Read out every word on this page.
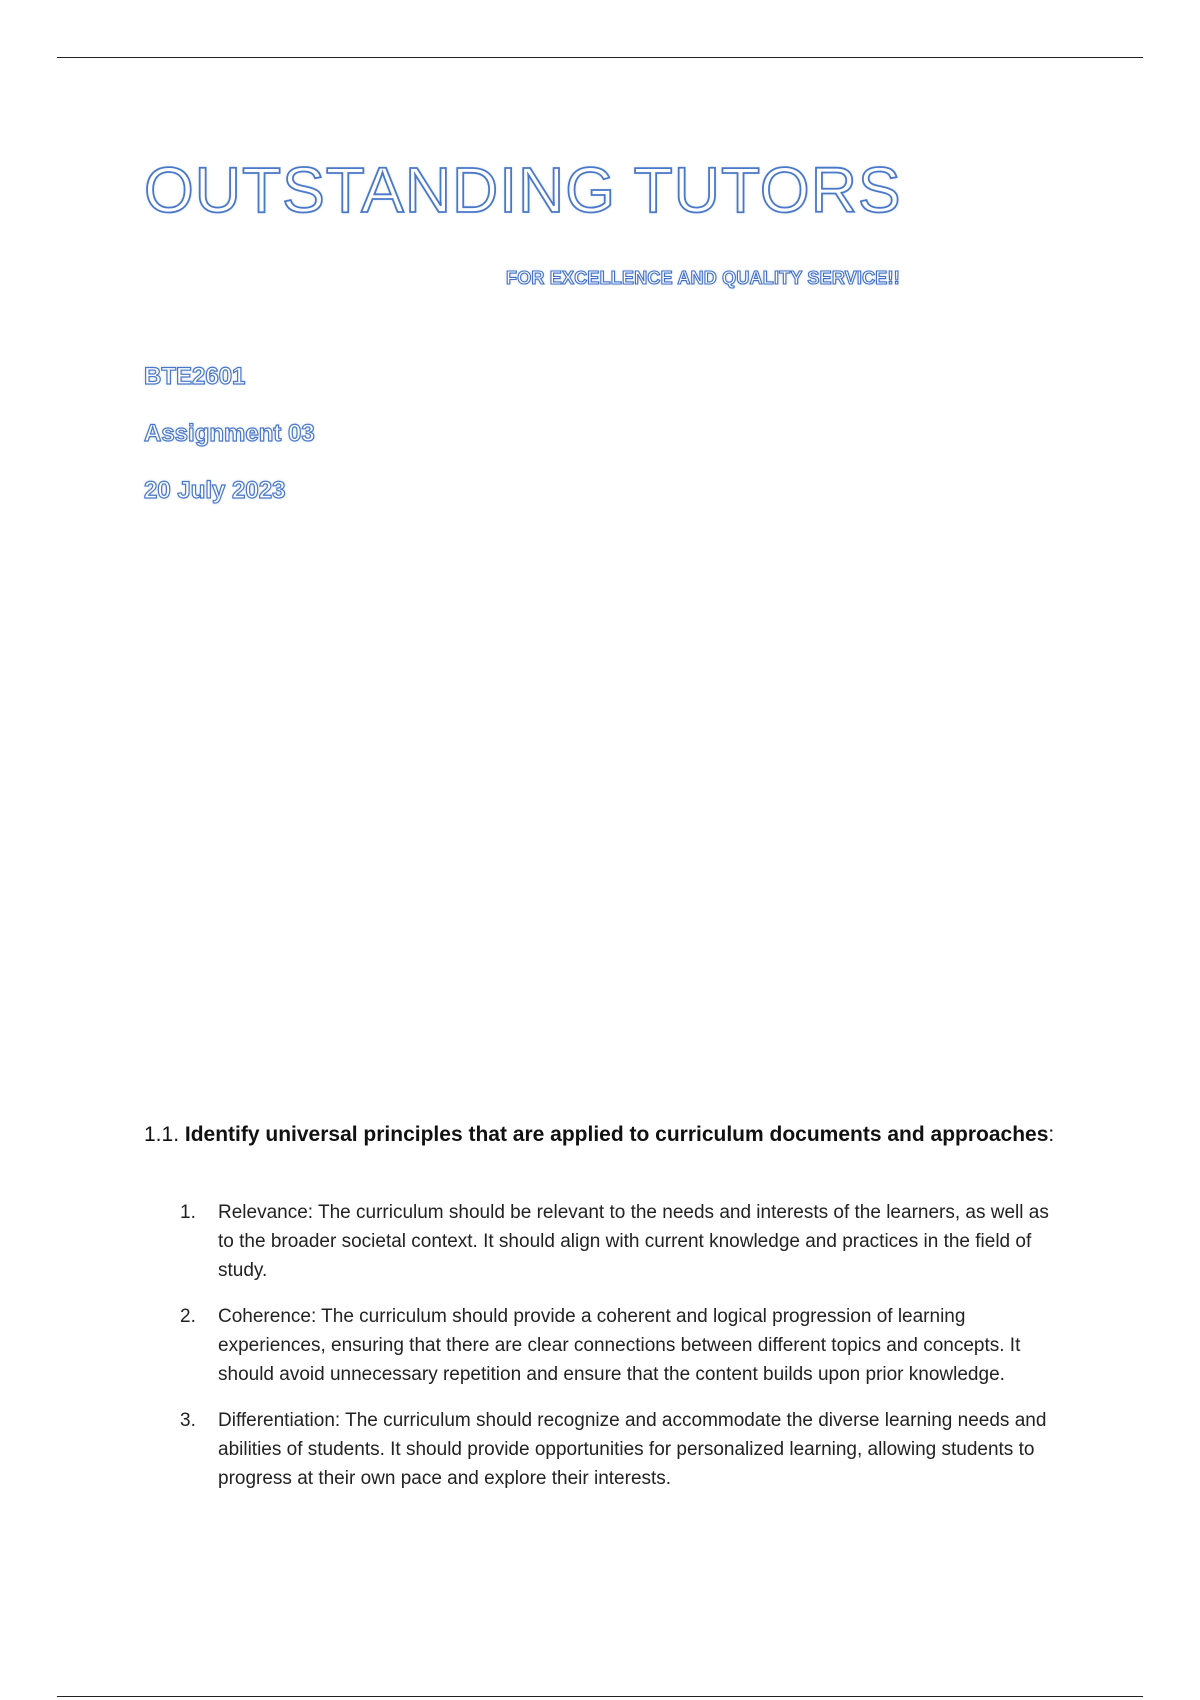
OUTSTANDING TUTORS
FOR EXCELLENCE AND QUALITY SERVICE!!
BTE2601
Assignment 03
20 July 2023
1.1. Identify universal principles that are applied to curriculum documents and approaches:
1. Relevance: The curriculum should be relevant to the needs and interests of the learners, as well as to the broader societal context. It should align with current knowledge and practices in the field of study.
2. Coherence: The curriculum should provide a coherent and logical progression of learning experiences, ensuring that there are clear connections between different topics and concepts. It should avoid unnecessary repetition and ensure that the content builds upon prior knowledge.
3. Differentiation: The curriculum should recognize and accommodate the diverse learning needs and abilities of students. It should provide opportunities for personalized learning, allowing students to progress at their own pace and explore their interests.
